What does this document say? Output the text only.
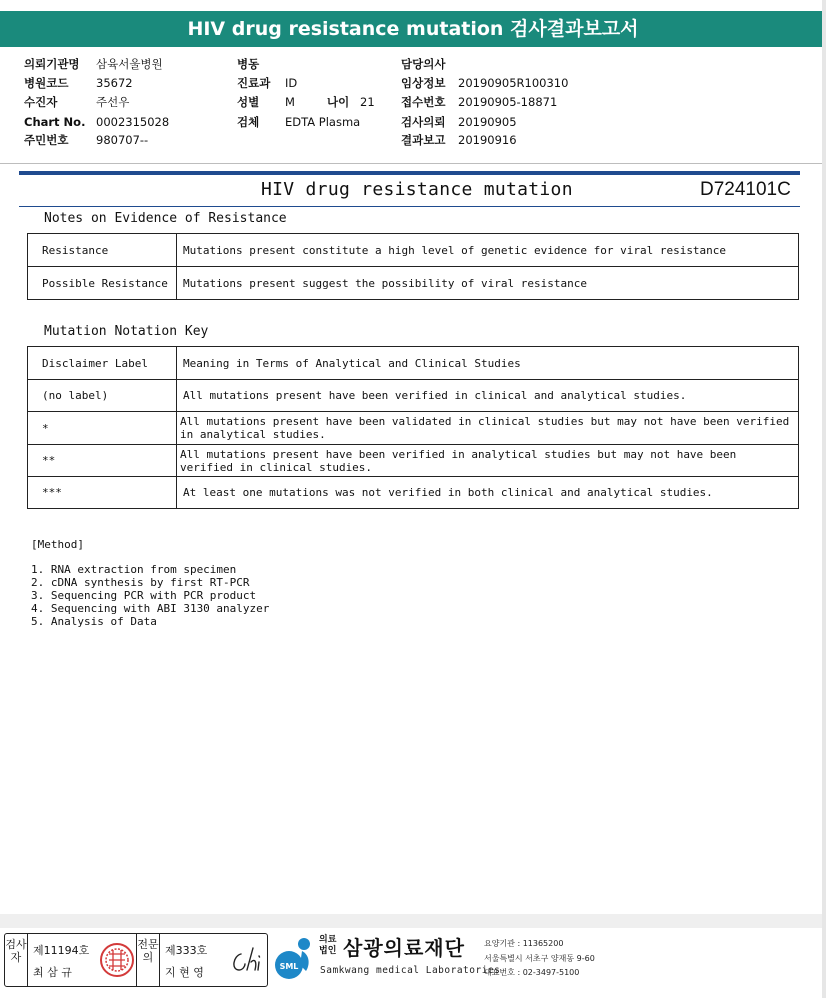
HIV drug resistance mutation 검사결과보고서
의뢰기관명 삼육서울병원
병원코드 35672
수진자	주선우
Chart No. 0002315028
주민번호 980707--
병동
진료과 ID
성별 M	나이 21
검체 EDTA Plasma
담당의사
임상정보 20190905R100310
접수번호 20190905-18871
검사의뢰 20190905
결과보고 20190916
HIV drug resistance mutation	D724101C
Notes on Evidence of Resistance
Resistance	Mutations present constitute a high level of genetic evidence for viral resistance
Possible Resistance	Mutations present suggest the possibility of viral resistance
Mutation Notation Key
Disclaimer Label	Meaning in Terms of Analytical and Clinical Studies
(no label)	All mutations present have been verified in clinical and analytical studies.
*	All mutations present have been validated in clinical studies but may not have been verified in analytical studies.
**	All mutations present have been verified in analytical studies but may not have been verified in clinical studies.
***	At least one mutations was not verified in both clinical and analytical studies.
[Method]
1. RNA extraction from specimen
2. cDNA synthesis by first RT-PCR
3. Sequencing PCR with PCR product
4. Sequencing with ABI 3130 analyzer
5. Analysis of Data
검사자
제11194호
최 삼 규
전문의
제333호
지 현 영	SML
의료법인 삼광의료재단
Samkwang medical Laboratories
요양기관 : 11365200
서울특별시 서초구 양재동 9-60
대표번호 : 02-3497-5100
